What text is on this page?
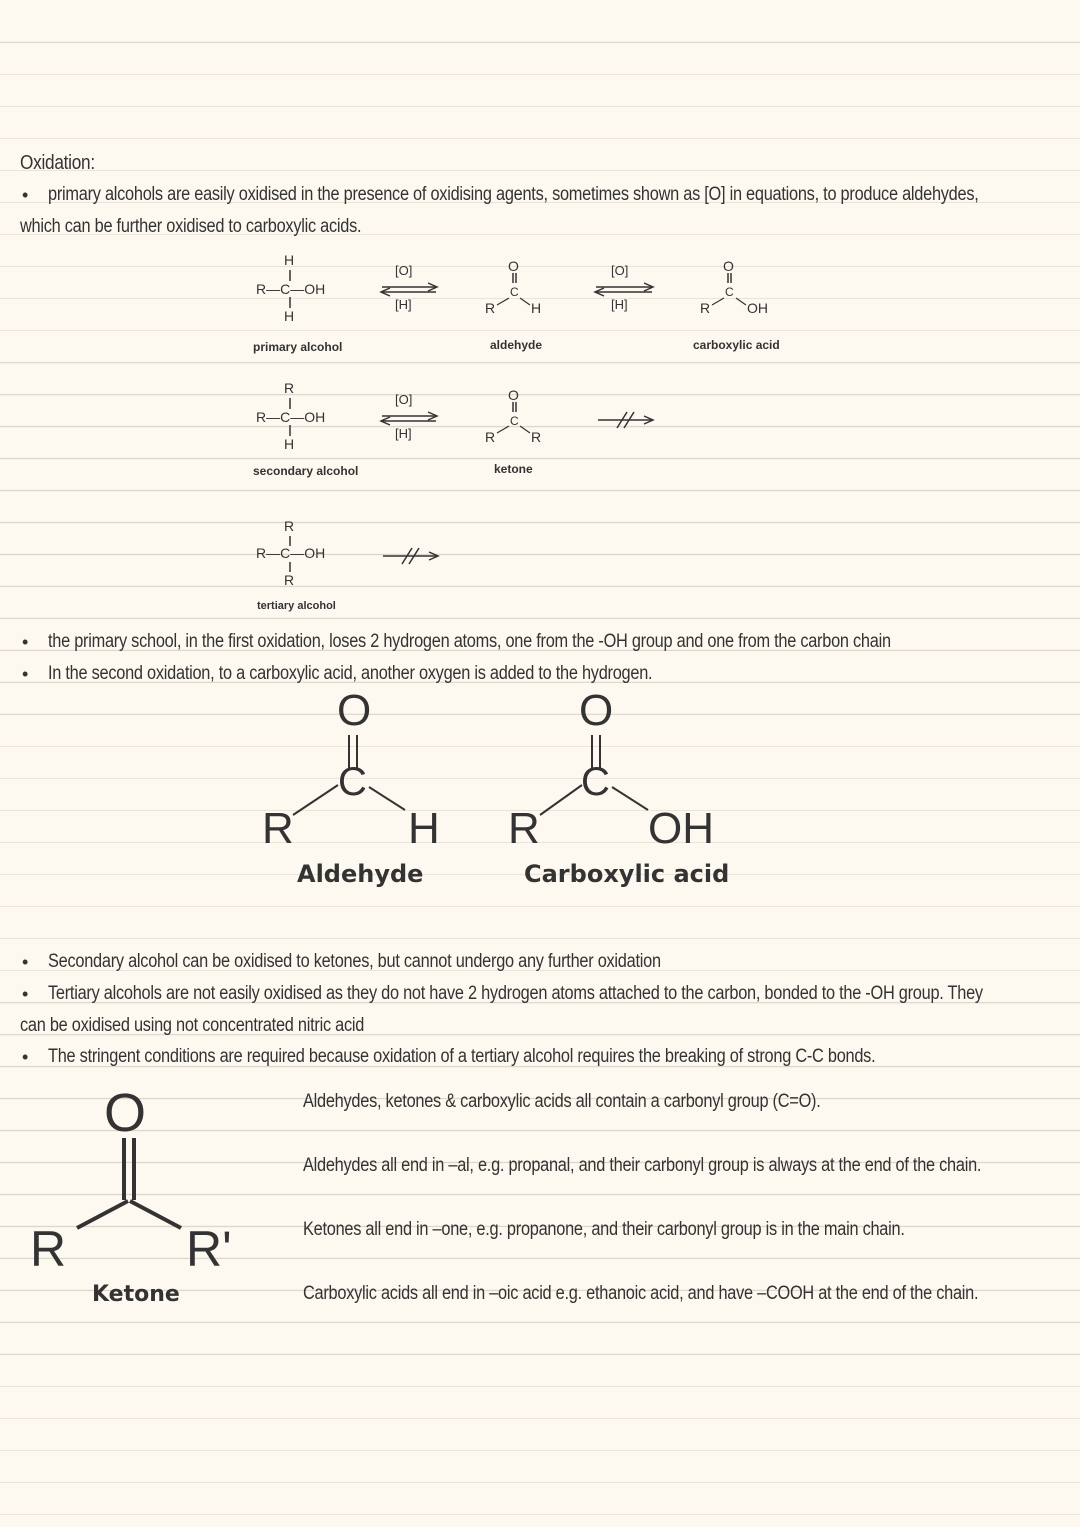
Oxidation:
• primary alcohols are easily oxidised in the presence of oxidising agents, sometimes shown as [O] in equations, to produce aldehydes,
which can be further oxidised to carboxylic acids.
H
R—C—OH
H
primary alcohol
[O]
[H]
O
C
R	H
aldehyde
[O]
[H]
O
C
R	OH
carboxylic acid
R
R—C—OH
H
secondary alcohol
[O]
[H]
O
C
R	R
ketone
R
R—C—OH
R
tertiary alcohol
• the primary school, in the first oxidation, loses 2 hydrogen atoms, one from the -OH group and one from the carbon chain
• In the second oxidation, to a carboxylic acid, another oxygen is added to the hydrogen.
O
C
R	H
Aldehyde
O
C
R OH
Carboxylic acid
• Secondary alcohol can be oxidised to ketones, but cannot undergo any further oxidation
• Tertiary alcohols are not easily oxidised as they do not have 2 hydrogen atoms attached to the carbon, bonded to the -OH group. They
can be oxidised using not concentrated nitric acid
• The stringent conditions are required because oxidation of a tertiary alcohol requires the breaking of strong C-C bonds.
O
R R'
Ketone
Aldehydes, ketones & carboxylic acids all contain a carbonyl group (C=O).
Aldehydes all end in –al, e.g. propanal, and their carbonyl group is always at the end of the chain.
Ketones all end in –one, e.g. propanone, and their carbonyl group is in the main chain.
Carboxylic acids all end in –oic acid e.g. ethanoic acid, and have –COOH at the end of the chain.
